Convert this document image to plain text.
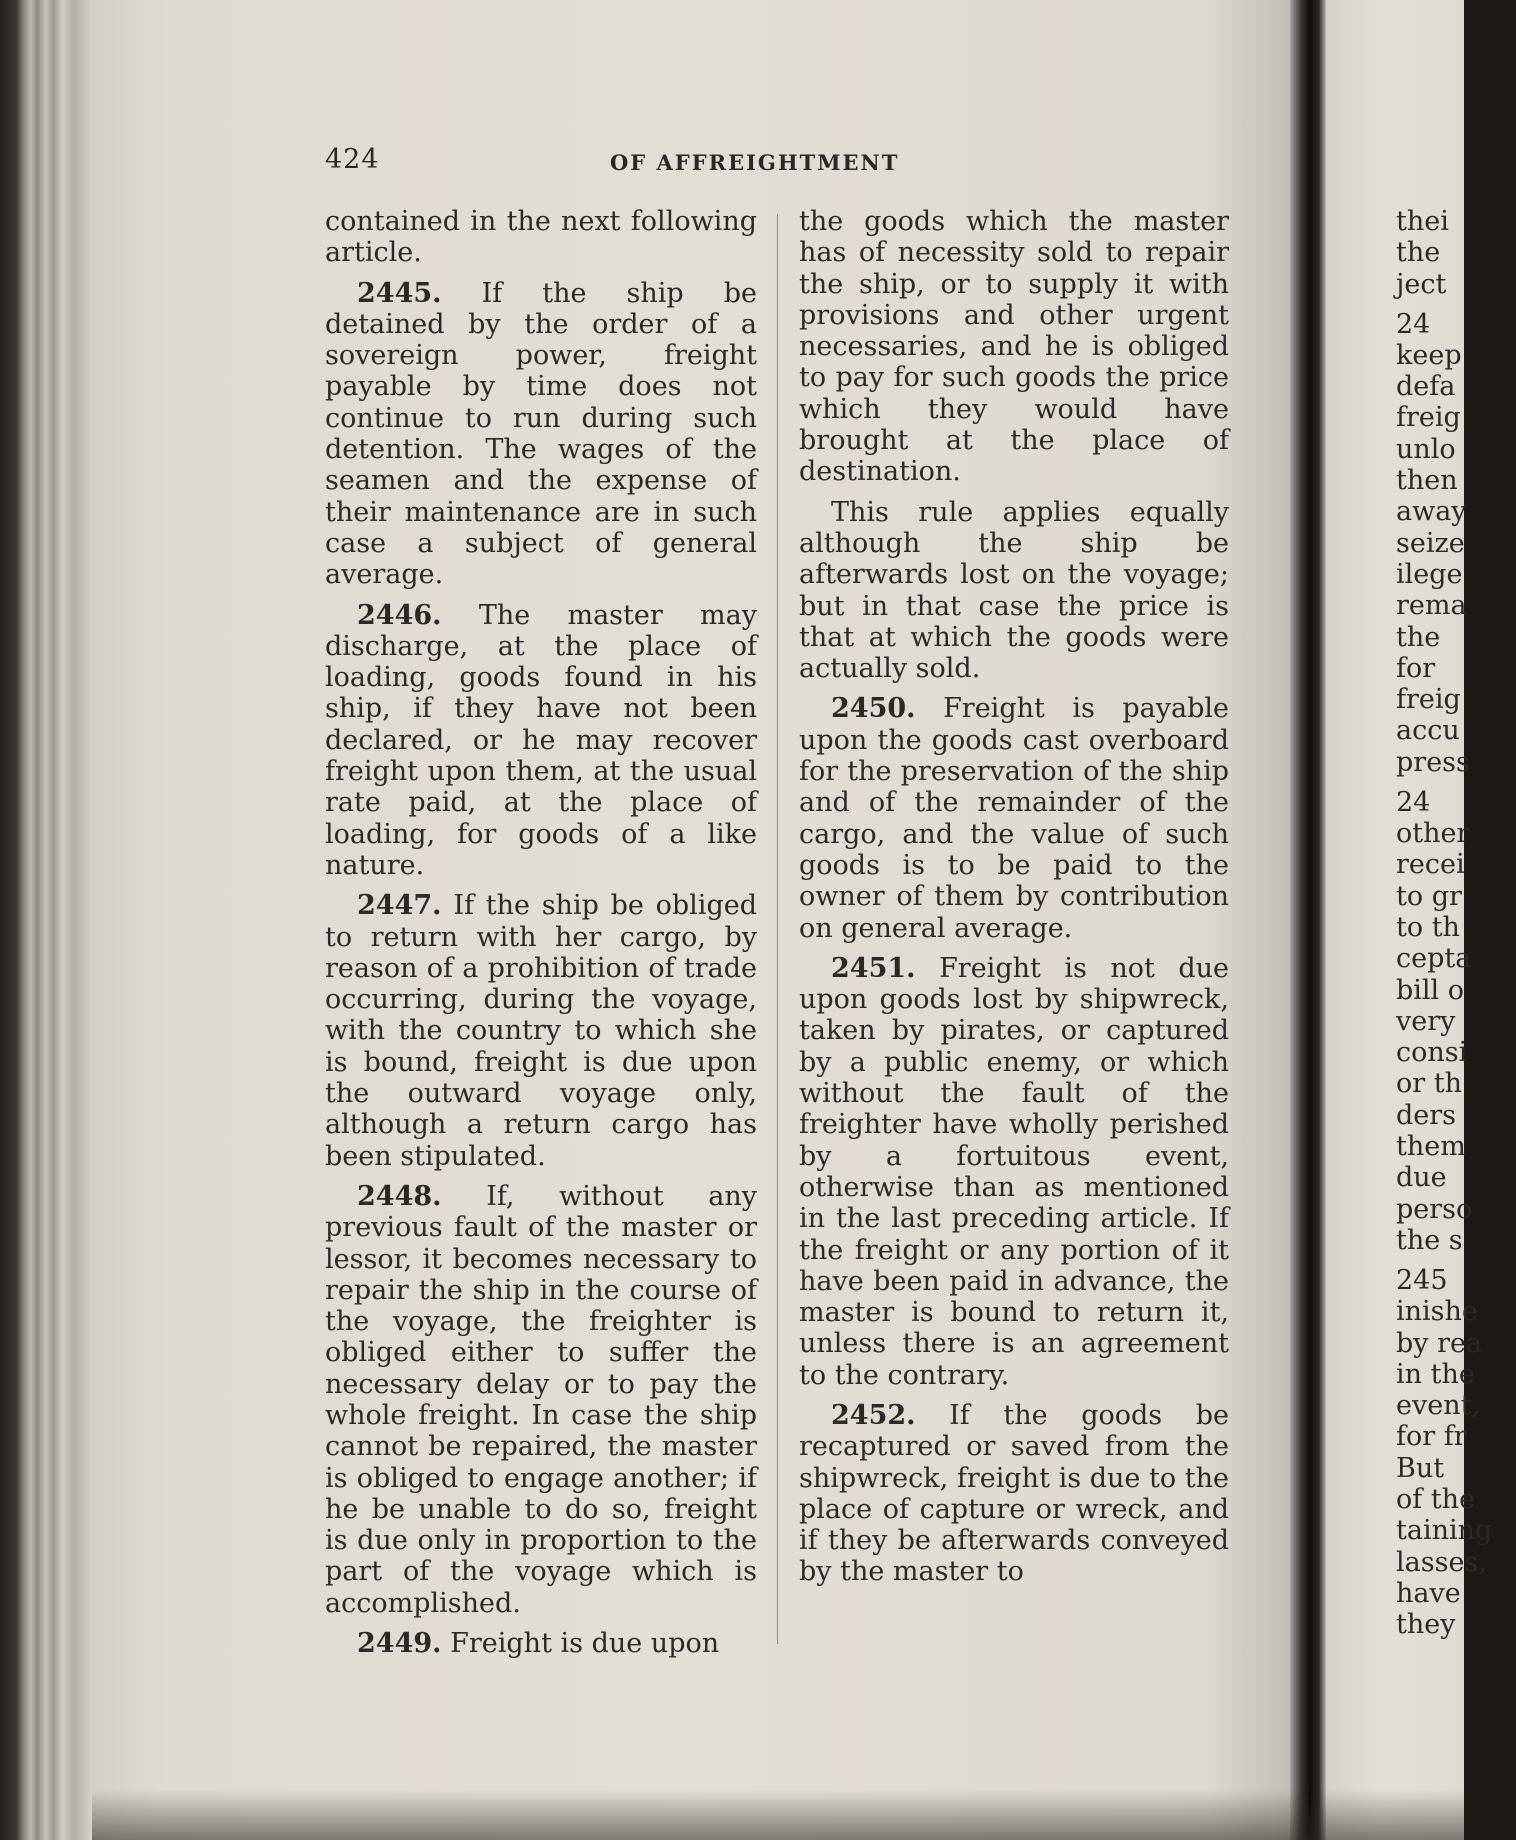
424	OF AFFREIGHTMENT

contained in the next following article.

2445. If the ship be detained by the order of a sovereign power, freight payable by time does not continue to run during such detention. The wages of the seamen and the expense of their maintenance are in such case a subject of general average.

2446. The master may discharge, at the place of loading, goods found in his ship, if they have not been declared, or he may recover freight upon them, at the usual rate paid, at the place of loading, for goods of a like nature.

2447. If the ship be obliged to return with her cargo, by reason of a prohibition of trade occurring, during the voyage, with the country to which she is bound, freight is due upon the outward voyage only, although a return cargo has been stipulated.

2448. If, without any previous fault of the master or lessor, it becomes necessary to repair the ship in the course of the voyage, the freighter is obliged either to suffer the necessary delay or to pay the whole freight. In case the ship cannot be repaired, the master is obliged to engage another; if he be unable to do so, freight is due only in proportion to the part of the voyage which is accomplished.

2449. Freight is due upon

the goods which the master has of necessity sold to repair the ship, or to supply it with provisions and other urgent necessaries, and he is obliged to pay for such goods the price which they would have brought at the place of destination.

This rule applies equally although the ship be afterwards lost on the voyage; but in that case the price is that at which the goods were actually sold.

2450. Freight is payable upon the goods cast overboard for the preservation of the ship and of the remainder of the cargo, and the value of such goods is to be paid to the owner of them by contribution on general average.

2451. Freight is not due upon goods lost by shipwreck, taken by pirates, or captured by a public enemy, or which without the fault of the freighter have wholly perished by a fortuitous event, otherwise than as mentioned in the last preceding article. If the freight or any portion of it have been paid in advance, the master is bound to return it, unless there is an agreement to the contrary.

2452. If the goods be recaptured or saved from the shipwreck, freight is due to the place of capture or wreck, and if they be afterwards conveyed by the master to

thei
the
ject
24
keep
defa
freig
unlo
then
away
seize
ilege
rema
the
for
freig
accu
press
24
other
recei
to gr
to th
cepta
bill o
very
consi
or th
ders
them
due
perso
the s
245
inishe
by rea
in the
event,
for fr
But
of the
taining
lasses,
have
they
